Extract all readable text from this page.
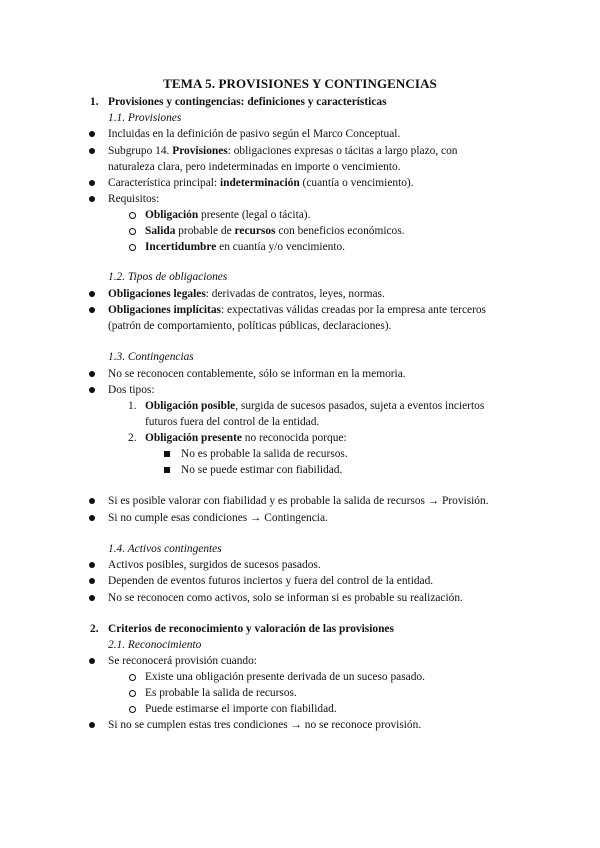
TEMA 5. PROVISIONES Y CONTINGENCIAS
1. Provisiones y contingencias: definiciones y características
1.1. Provisiones
Incluidas en la definición de pasivo según el Marco Conceptual.
Subgrupo 14. Provisiones: obligaciones expresas o tácitas a largo plazo, con
naturaleza clara, pero indeterminadas en importe o vencimiento.
Característica principal: indeterminación (cuantía o vencimiento).
Requisitos:
Obligación presente (legal o tácita).
Salida probable de recursos con beneficios económicos.
Incertidumbre en cuantía y/o vencimiento.
1.2. Tipos de obligaciones
Obligaciones legales: derivadas de contratos, leyes, normas.
Obligaciones implícitas: expectativas válidas creadas por la empresa ante terceros
(patrón de comportamiento, políticas públicas, declaraciones).
1.3. Contingencias
No se reconocen contablemente, sólo se informan en la memoria.
Dos tipos:
1. Obligación posible, surgida de sucesos pasados, sujeta a eventos inciertos
futuros fuera del control de la entidad.
2. Obligación presente no reconocida porque:
No es probable la salida de recursos.
No se puede estimar con fiabilidad.
Si es posible valorar con fiabilidad y es probable la salida de recursos → Provisión.
Si no cumple esas condiciones → Contingencia.
1.4. Activos contingentes
Activos posibles, surgidos de sucesos pasados.
Dependen de eventos futuros inciertos y fuera del control de la entidad.
No se reconocen como activos, solo se informan si es probable su realización.
2. Criterios de reconocimiento y valoración de las provisiones
2.1. Reconocimiento
Se reconocerá provisión cuando:
Existe una obligación presente derivada de un suceso pasado.
Es probable la salida de recursos.
Puede estimarse el importe con fiabilidad.
Si no se cumplen estas tres condiciones → no se reconoce provisión.
